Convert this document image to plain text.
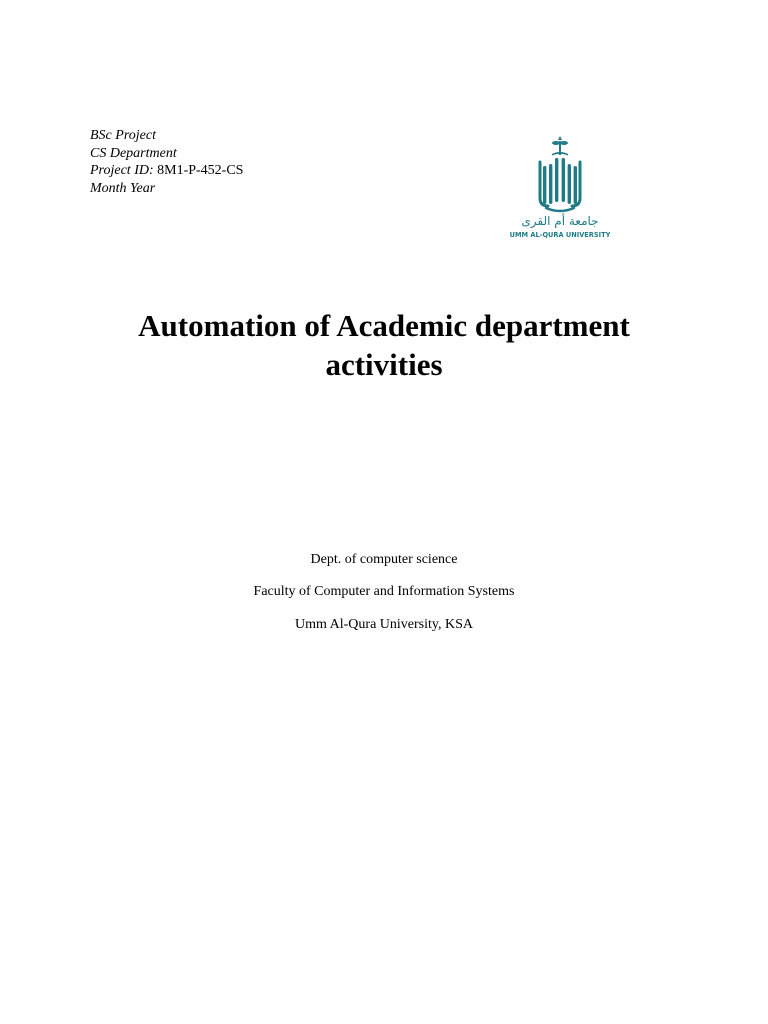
BSc Project
CS Department
Project ID: 8M1-P-452-CS
Month Year
جامعة أم القرى
UMM AL-QURA UNIVERSITY
Automation of Academic department
activities
Dept. of computer science
Faculty of Computer and Information Systems
Umm Al-Qura University, KSA
